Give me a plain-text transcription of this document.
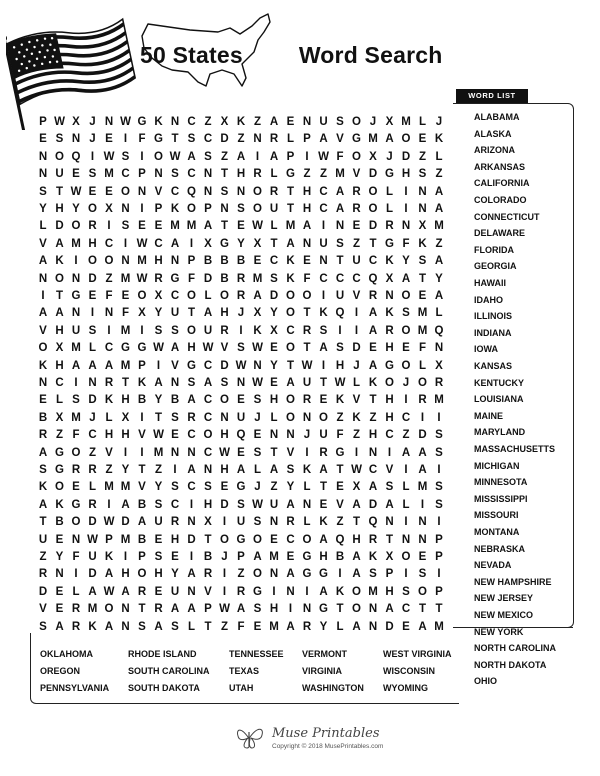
50 States Word Search
P W X J N W G K N C Z X K Z A E N U S O J X M L J
E S N J E I F G T S C D Z N R L P A V G M A O E K
N O Q I W S I O W A S Z A I A P I W F O X J D Z L
N U E S M C P N S C N T H R L G Z Z M V D G H S Z
S T W E E O N V C Q N S N O R T H C A R O L I N A
Y H Y O X N I P K O P N S O U T H C A R O L I N A
L D O R I S E E M M A T E W L M A I N E D R N X M
V A M H C I W C A I X G Y X T A N U S Z T G F K Z
A K I O O N M H N P B B B E C K E N T U C K Y S A
N O N D Z M W R G F D B R M S K F C C C Q X A T Y
I T G E F E O X C O L O R A D O O I U V R N O E A
A A N I N F X Y U T A H J X Y O T K Q I A K S M L
V H U S I M I S S O U R I K X C R S I	I A R O M Q
O X M L C G G W A H W V S W E O T A S D E H E F N
K H A A A M P I V G C D W N Y T W I H J A G O L X
N C I N R T K A N S A S N W E A U T W L K O J O R
E L S D K H B Y B A C O E S H O R E K V T H I R M
B X M J L X I T S R C N U J L O N O Z K Z H C I	I
R Z F C H H V W E C O H Q E N N J U F Z H C Z D S
A G O Z V I	I M N N C W E S T V I R G I N I A A S
S G R R Z Y T Z I A N H A L A S K A T W C V I A I
K O E L M M V Y S C S E G J Z Y L T E X A S L M S
A K G R I A B S C I H D S W U A N E V A D A L I S
T B O D W D A U R N X I U S N R L K Z T Q N I N I
U E N W P M B E H D T O G O E C O A Q H R T N N P
Z Y F U K I P S E I B J P A M E G H B A K X O E P
R N I D A H O H Y A R I Z O N A G G I A S P I S I
D E L A W A R E U N V I R G I N I A K O M H S O P
V E R M O N T R A A P W A S H I N G T O N A C T T
S A R K A N S A S L T Z F E M A R Y L A N D E A M
WORD LIST
ALABAMA
ALASKA
ARIZONA
ARKANSAS
CALIFORNIA
COLORADO
CONNECTICUT
DELAWARE
FLORIDA
GEORGIA
HAWAII
IDAHO
ILLINOIS
INDIANA
IOWA
KANSAS
KENTUCKY
LOUISIANA
MAINE
MARYLAND
MASSACHUSETTS
MICHIGAN
MINNESOTA
MISSISSIPPI
MISSOURI
MONTANA
NEBRASKA
NEVADA
NEW HAMPSHIRE
NEW JERSEY
NEW MEXICO
NEW YORK
NORTH CAROLINA
NORTH DAKOTA
OHIO
OKLAHOMA
OREGON
PENNSYLVANIA
RHODE ISLAND
SOUTH CAROLINA
SOUTH DAKOTA
TENNESSEE
TEXAS
UTAH
VERMONT
VIRGINIA
WASHINGTON
WEST VIRGINIA
WISCONSIN
WYOMING
Muse Printables
Copyright © 2018 MusePrintables.com
